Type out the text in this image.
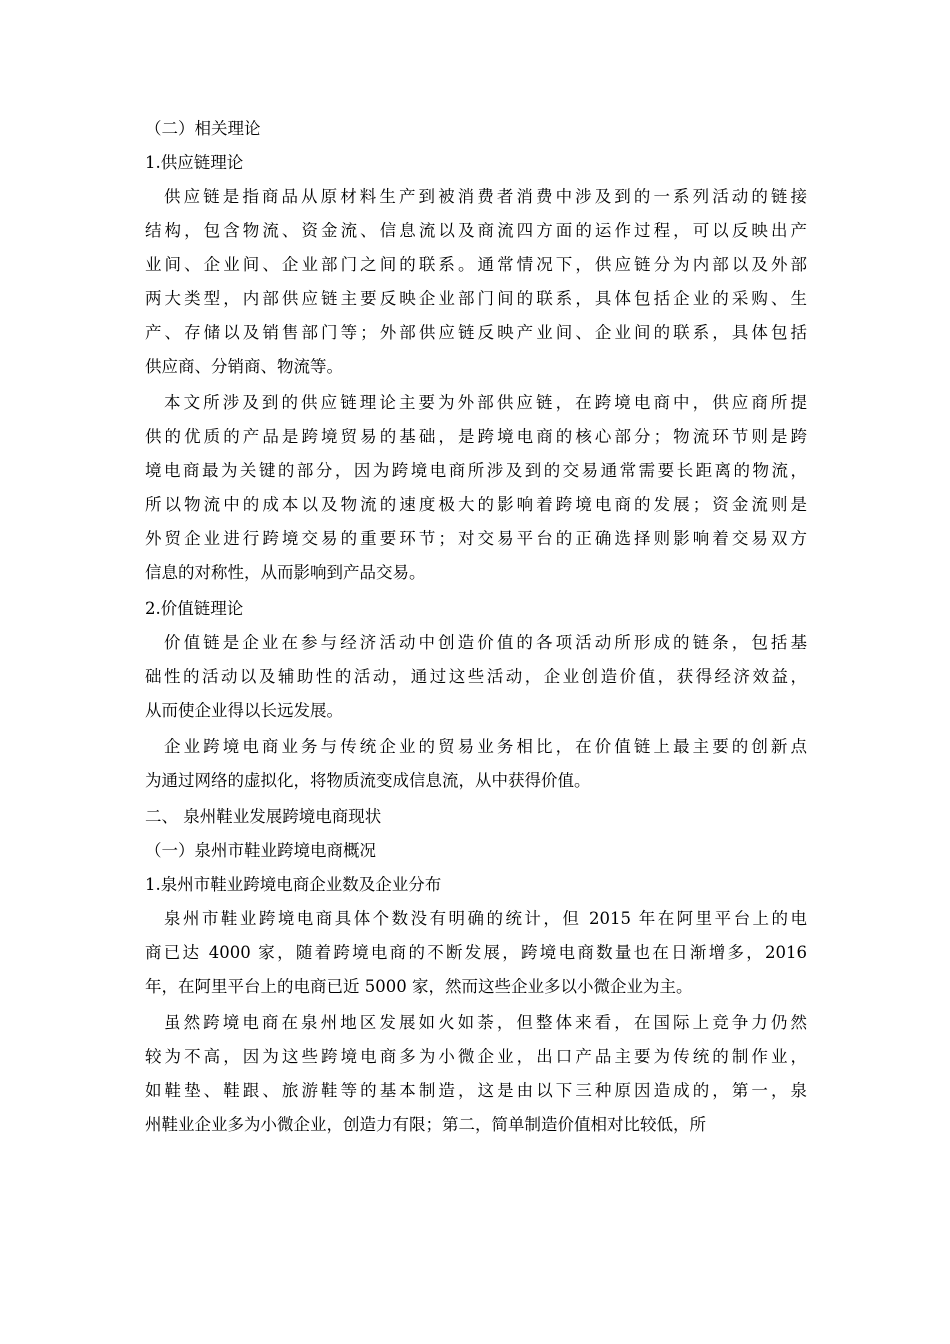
（二）相关理论
1.供应链理论
供应链是指商品从原材料生产到被消费者消费中涉及到的一系列活动的链接
结构，包含物流、资金流、信息流以及商流四方面的运作过程，可以反映出产
业间、企业间、企业部门之间的联系。通常情况下，供应链分为内部以及外部
两大类型，内部供应链主要反映企业部门间的联系，具体包括企业的采购、生
产、存储以及销售部门等；外部供应链反映产业间、企业间的联系，具体包括
供应商、分销商、物流等。
本文所涉及到的供应链理论主要为外部供应链，在跨境电商中，供应商所提
供的优质的产品是跨境贸易的基础，是跨境电商的核心部分；物流环节则是跨
境电商最为关键的部分，因为跨境电商所涉及到的交易通常需要长距离的物流，
所以物流中的成本以及物流的速度极大的影响着跨境电商的发展；资金流则是
外贸企业进行跨境交易的重要环节；对交易平台的正确选择则影响着交易双方
信息的对称性，从而影响到产品交易。
2.价值链理论
价值链是企业在参与经济活动中创造价值的各项活动所形成的链条，包括基
础性的活动以及辅助性的活动，通过这些活动，企业创造价值，获得经济效益，
从而使企业得以长远发展。
企业跨境电商业务与传统企业的贸易业务相比，在价值链上最主要的创新点
为通过网络的虚拟化，将物质流变成信息流，从中获得价值。
二、 泉州鞋业发展跨境电商现状
（一）泉州市鞋业跨境电商概况
1.泉州市鞋业跨境电商企业数及企业分布
泉州市鞋业跨境电商具体个数没有明确的统计，但 2015 年在阿里平台上的电
商已达 4000 家，随着跨境电商的不断发展，跨境电商数量也在日渐增多，2016
年，在阿里平台上的电商已近 5000 家，然而这些企业多以小微企业为主。
虽然跨境电商在泉州地区发展如火如荼，但整体来看，在国际上竞争力仍然
较为不高，因为这些跨境电商多为小微企业，出口产品主要为传统的制作业，
如鞋垫、鞋跟、旅游鞋等的基本制造，这是由以下三种原因造成的，第一，泉
州鞋业企业多为小微企业，创造力有限；第二，简单制造价值相对比较低，所
